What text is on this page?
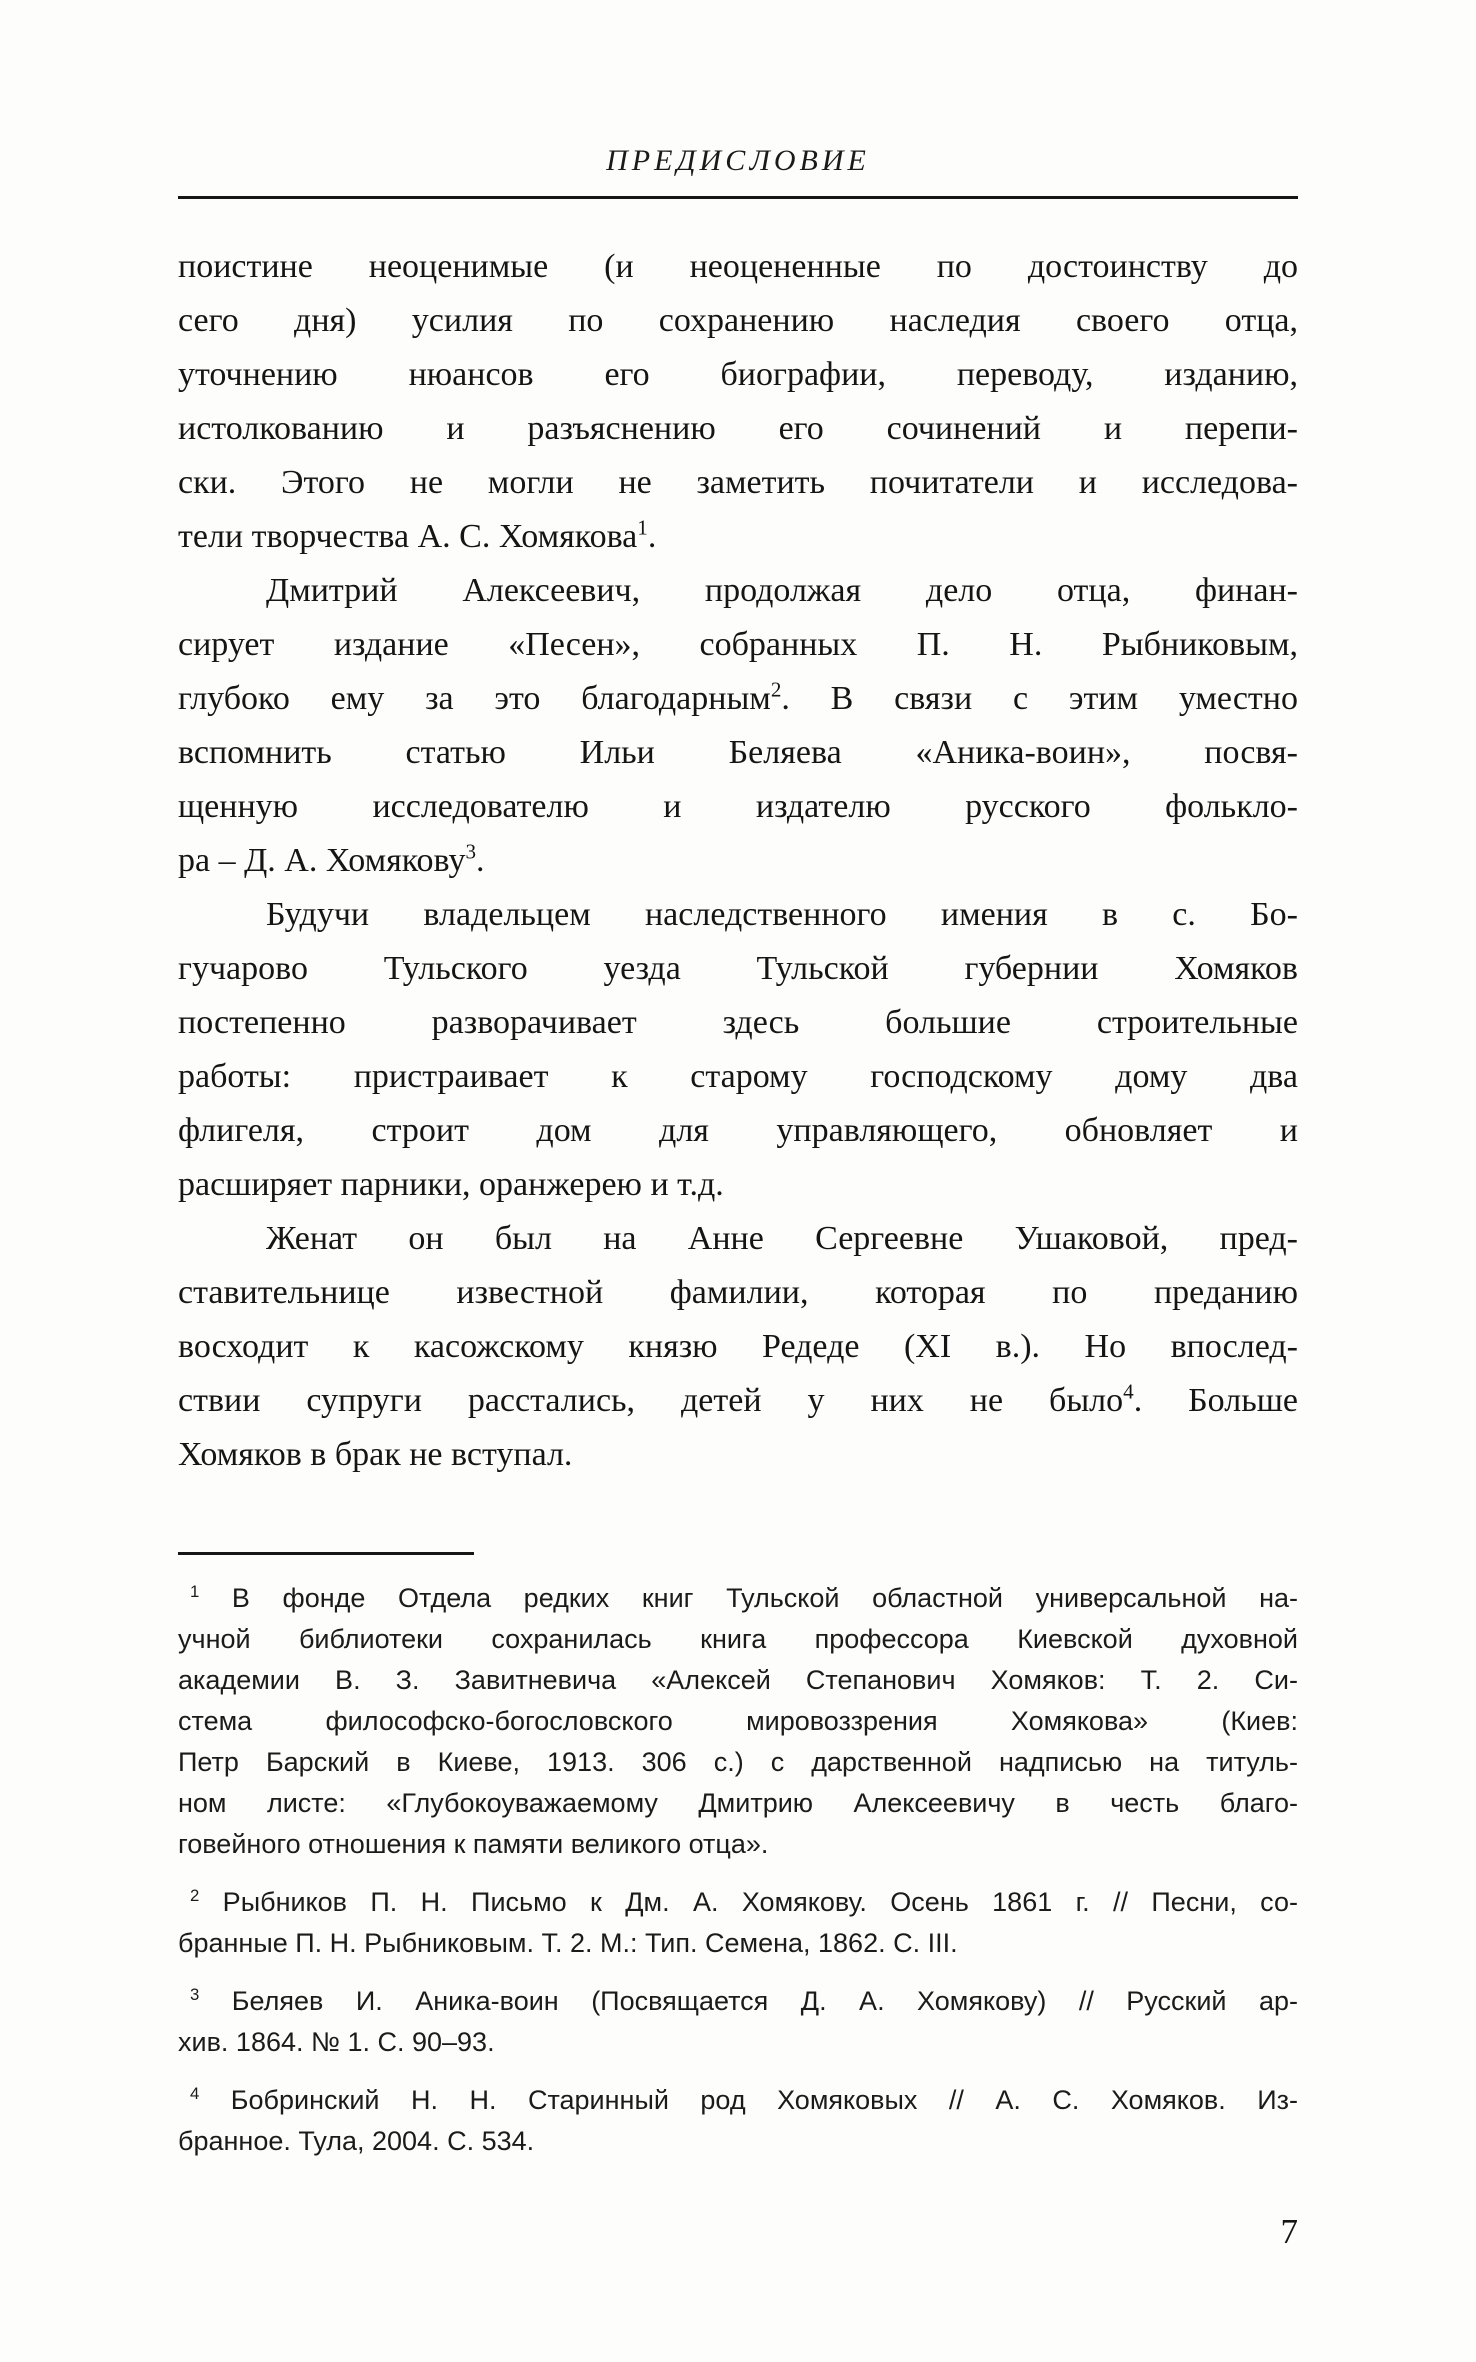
ПРЕДИСЛОВИЕ
поистине неоценимые (и неоцененные по достоинству до
сего дня) усилия по сохранению наследия своего отца,
уточнению нюансов его биографии, переводу, изданию,
истолкованию и разъяснению его сочинений и перепи-
ски. Этого не могли не заметить почитатели и исследова-
тели творчества А. С. Хомякова$^1$.
Дмитрий Алексеевич, продолжая дело отца, финан-
сирует издание «Песен», собранных П. Н. Рыбниковым,
глубоко ему за это благодарным$^2$. В связи с этим уместно
вспомнить статью Ильи Беляева «Аника-воин», посвя-
щенную исследователю и издателю русского фолькло-
ра – Д. А. Хомякову$^3$.
Будучи владельцем наследственного имения в с. Бо-
гучарово Тульского уезда Тульской губернии Хомяков
постепенно разворачивает здесь большие строительные
работы: пристраивает к старому господскому дому два
флигеля, строит дом для управляющего, обновляет и
расширяет парники, оранжерею и т.д.
Женат он был на Анне Сергеевне Ушаковой, пред-
ставительнице известной фамилии, которая по преданию
восходит к касожскому князю Редеде (XI в.). Но впослед-
ствии супруги расстались, детей у них не было$^4$. Больше
Хомяков в брак не вступал.
$^1$ В фонде Отдела редких книг Тульской областной универсальной на-
учной библиотеки сохранилась книга профессора Киевской духовной
академии В. З. Завитневича «Алексей Степанович Хомяков: Т. 2. Си-
стема философско-богословского мировоззрения Хомякова» (Киев:
Петр Барский в Киеве, 1913. 306 с.) с дарственной надписью на титуль-
ном листе: «Глубокоуважаемому Дмитрию Алексеевичу в честь благо-
говейного отношения к памяти великого отца».
$^2$ Рыбников П. Н. Письмо к Дм. А. Хомякову. Осень 1861 г. // Песни, со-
бранные П. Н. Рыбниковым. Т. 2. М.: Тип. Семена, 1862. С. III.
$^3$ Беляев И. Аника-воин (Посвящается Д. А. Хомякову) // Русский ар-
хив. 1864. № 1. С. 90–93.
$^4$ Бобринский Н. Н. Старинный род Хомяковых // А. С. Хомяков. Из-
бранное. Тула, 2004. С. 534.
7
